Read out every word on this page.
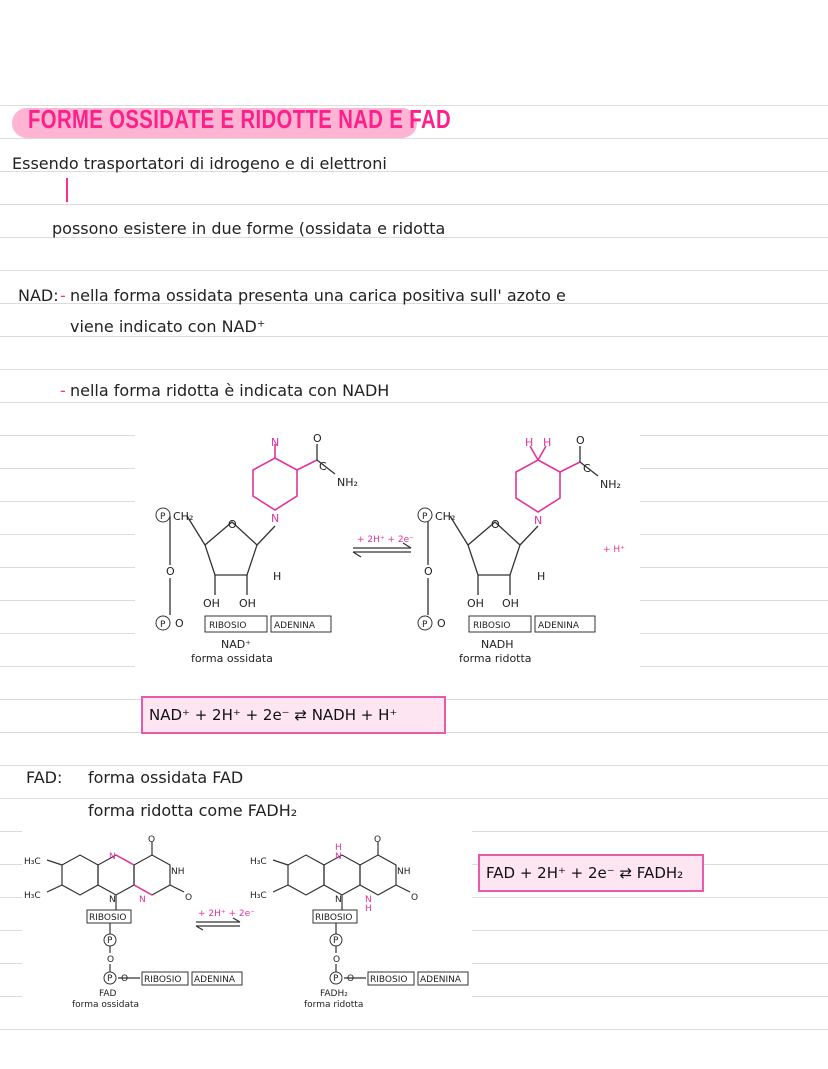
FORME OSSIDATE E RIDOTTE NAD E FAD
Essendo trasportatori di idrogeno e di elettroni
possono esistere in due forme (ossidata e ridotta
NAD: - nella forma ossidata presenta una carica positiva sull' azoto e
viene indicato con NAD⁺
- nella forma ridotta è indicata con NADH
P
P
P
P
CH₂	CH₂
O	O
O	O
O	O
OH OH	OH OH
H	H
N
N
N
H H
O	O
C	C
NH₂	NH₂
RIBOSIO	ADENINA	RIBOSIO	ADENINA
+ 2H⁺ + 2e⁻
+ H⁺
NAD⁺
forma ossidata
NADH
forma ridotta
NAD⁺ + 2H⁺ + 2e⁻ ⇄ NADH + H⁺
FAD: forma ossidata FAD
forma ridotta come FADH₂
H₃C
H₃C
H₃C
H₃C
N
N
N
NH
O
O
N
H
N
H
N
NH
O
O
P
P
P
P
O	O
O	O
RIBOSIO
RIBOSIO ADENINA
RIBOSIO
RIBOSIO ADENINA
+ 2H⁺ + 2e⁻
FAD
forma ossidata
FADH₂
forma ridotta
FAD + 2H⁺ + 2e⁻ ⇄ FADH₂
